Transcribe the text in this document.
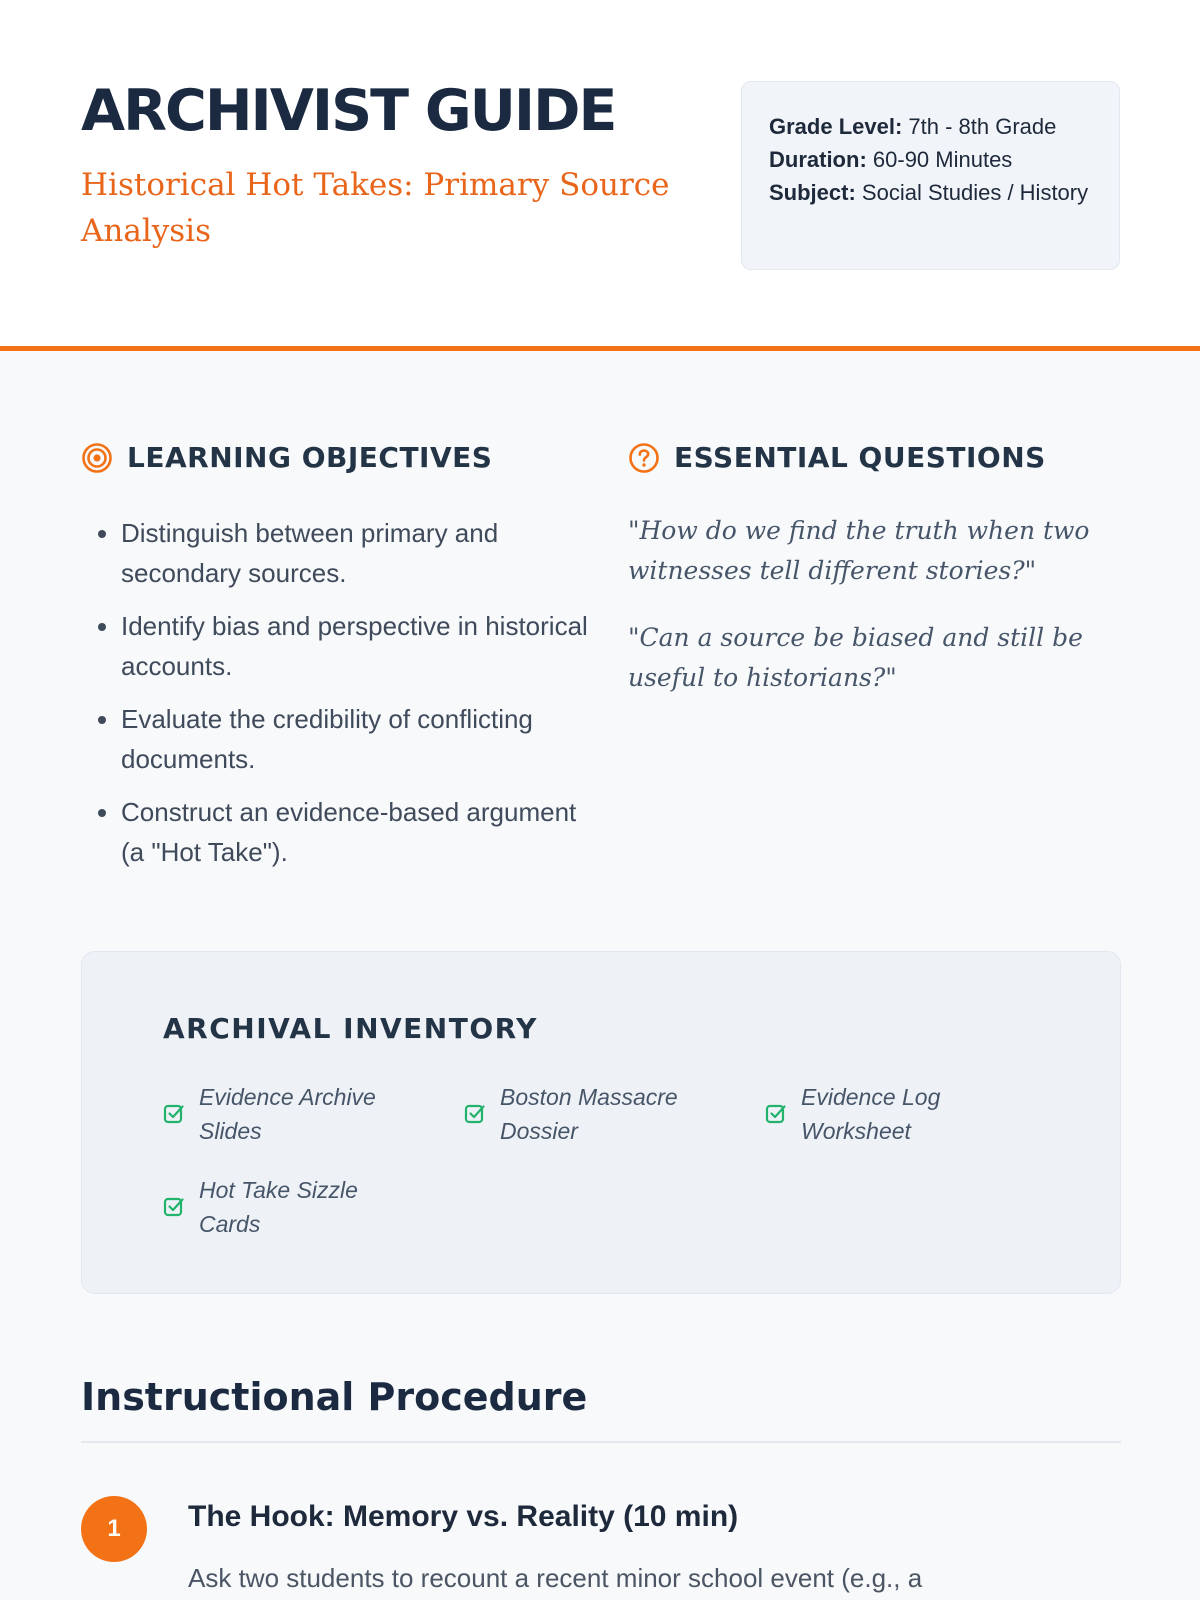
ARCHIVIST GUIDE
Historical Hot Takes: Primary Source Analysis
Grade Level: 7th - 8th Grade
Duration: 60-90 Minutes
Subject: Social Studies / History
LEARNING OBJECTIVES
• Distinguish between primary and secondary sources.
• Identify bias and perspective in historical accounts.
• Evaluate the credibility of conflicting documents.
• Construct an evidence-based argument (a "Hot Take").
ESSENTIAL QUESTIONS

"How do we find the truth when two witnesses tell different stories?"

"Can a source be biased and still be useful to historians?"

ARCHIVAL INVENTORY
Evidence Archive Slides
Boston Massacre Dossier
Evidence Log Worksheet
Hot Take Sizzle Cards
Instructional Procedure
1	The Hook: Memory vs. Reality (10 min)

Ask two students to recount a recent minor school event (e.g., a
